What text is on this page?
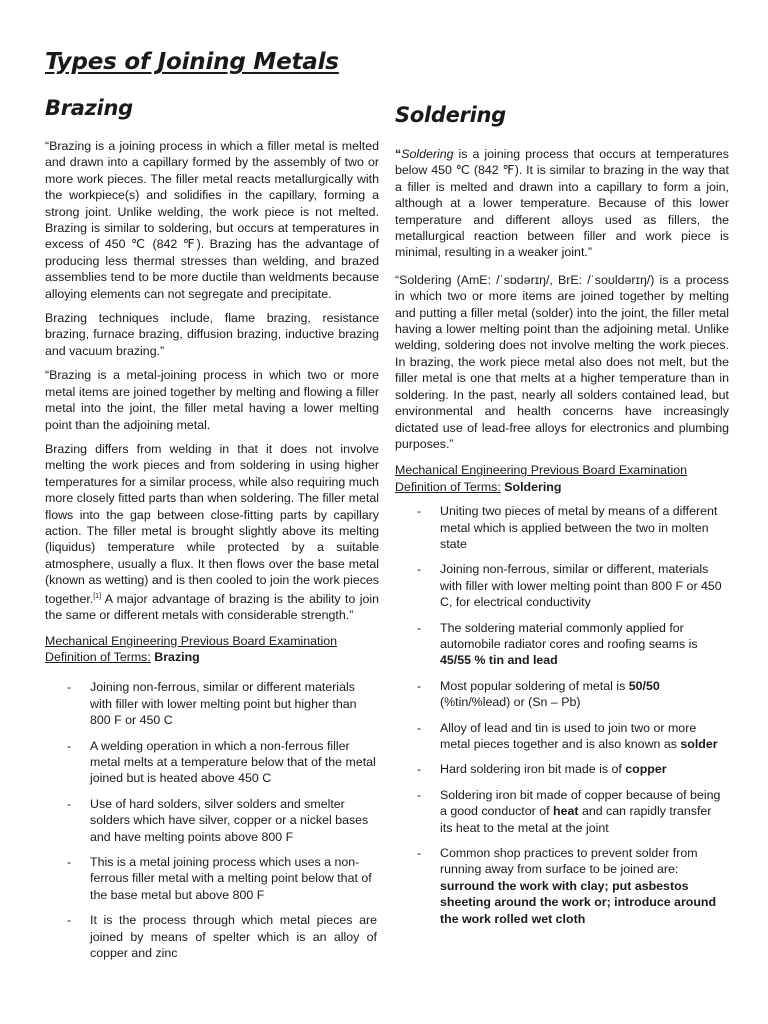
Types of Joining Metals
Brazing

“Brazing is a joining process in which a filler metal is melted and drawn into a capillary formed by the assembly of two or more work pieces. The filler metal reacts metallurgically with the workpiece(s) and solidifies in the capillary, forming a strong joint. Unlike welding, the work piece is not melted. Brazing is similar to soldering, but occurs at temperatures in excess of 450 ℃ (842 ℉). Brazing has the advantage of producing less thermal stresses than welding, and brazed assemblies tend to be more ductile than weldments because alloying elements can not segregate and precipitate.

Brazing techniques include, flame brazing, resistance brazing, furnace brazing, diffusion brazing, inductive brazing and vacuum brazing.”

“Brazing is a metal-joining process in which two or more metal items are joined together by melting and flowing a filler metal into the joint, the filler metal having a lower melting point than the adjoining metal.

Brazing differs from welding in that it does not involve melting the work pieces and from soldering in using higher temperatures for a similar process, while also requiring much more closely fitted parts than when soldering. The filler metal flows into the gap between close-fitting parts by capillary action. The filler metal is brought slightly above its melting (liquidus) temperature while protected by a suitable atmosphere, usually a flux. It then flows over the base metal (known as wetting) and is then cooled to join the work pieces together.[1] A major advantage of brazing is the ability to join the same or different metals with considerable strength.”

Mechanical Engineering Previous Board Examination Definition of Terms: Brazing

- Joining non-ferrous, similar or different materials with filler with lower melting point but higher than 800 F or 450 C
- A welding operation in which a non-ferrous filler metal melts at a temperature below that of the metal joined but is heated above 450 C
- Use of hard solders, silver solders and smelter solders which have silver, copper or a nickel bases and have melting points above 800 F
- This is a metal joining process which uses a non-ferrous filler metal with a melting point below that of the base metal but above 800 F
- It is the process through which metal pieces are joined by means of spelter which is an alloy of copper and zinc
Soldering

“Soldering is a joining process that occurs at temperatures below 450 ℃ (842 ℉). It is similar to brazing in the way that a filler is melted and drawn into a capillary to form a join, although at a lower temperature. Because of this lower temperature and different alloys used as fillers, the metallurgical reaction between filler and work piece is minimal, resulting in a weaker joint.”

“Soldering (AmE: /ˈsɒdərɪŋ/, BrE: /ˈsoʊldərɪŋ/) is a process in which two or more items are joined together by melting and putting a filler metal (solder) into the joint, the filler metal having a lower melting point than the adjoining metal. Unlike welding, soldering does not involve melting the work pieces. In brazing, the work piece metal also does not melt, but the filler metal is one that melts at a higher temperature than in soldering. In the past, nearly all solders contained lead, but environmental and health concerns have increasingly dictated use of lead-free alloys for electronics and plumbing purposes.”

Mechanical Engineering Previous Board Examination Definition of Terms: Soldering

- Uniting two pieces of metal by means of a different metal which is applied between the two in molten state
- Joining non-ferrous, similar or different, materials with filler with lower melting point than 800 F or 450 C, for electrical conductivity
- The soldering material commonly applied for automobile radiator cores and roofing seams is 45/55 % tin and lead
- Most popular soldering of metal is 50/50
(%tin/%lead) or (Sn – Pb)
- Alloy of lead and tin is used to join two or more metal pieces together and is also known as solder
- Hard soldering iron bit made is of copper
- Soldering iron bit made of copper because of being a good conductor of heat and can rapidly transfer its heat to the metal at the joint
- Common shop practices to prevent solder from running away from surface to be joined are: surround the work with clay; put asbestos sheeting around the work or; introduce around the work rolled wet cloth
